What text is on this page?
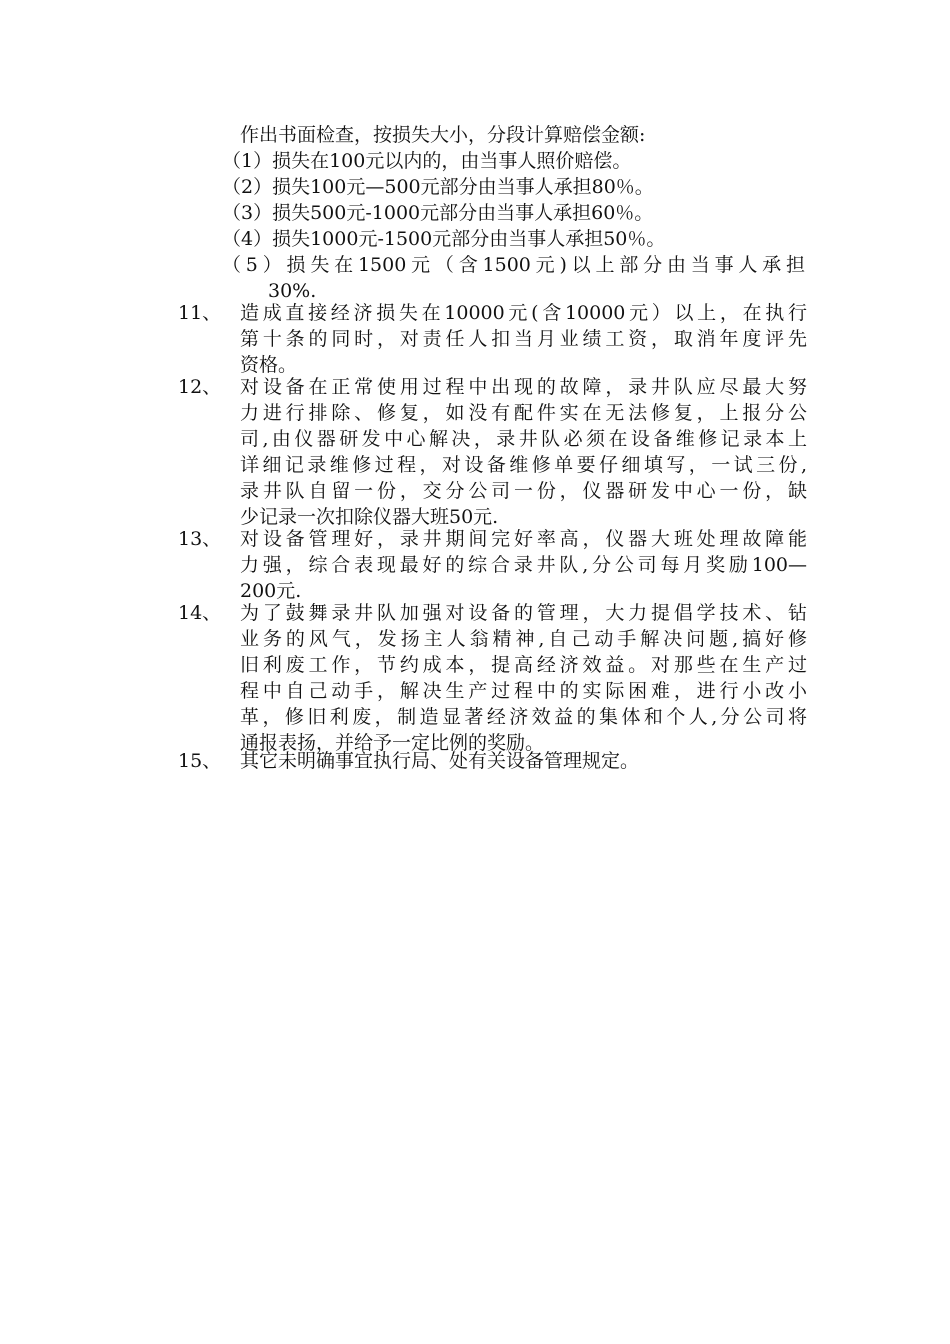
作出书面检查，按损失大小，分段计算赔偿金额:
（1）损失在100元以内的，由当事人照价赔偿。
（2）损失100元—500元部分由当事人承担80％。
（3）损失500元-1000元部分由当事人承担60％。
（4）损失1000元-1500元部分由当事人承担50％。
（5）损失在1500元（含1500元)以上部分由当事人承担
30%.
11、 造成直接经济损失在10000元(含10000元）以上，在执行
第十条的同时，对责任人扣当月业绩工资，取消年度评先
资格。
12、 对设备在正常使用过程中出现的故障，录井队应尽最大努
力进行排除、修复，如没有配件实在无法修复，上报分公
司,由仪器研发中心解决，录井队必须在设备维修记录本上
详细记录维修过程，对设备维修单要仔细填写，一试三份,
录井队自留一份，交分公司一份，仪器研发中心一份，缺
少记录一次扣除仪器大班50元.
13、 对设备管理好，录井期间完好率高，仪器大班处理故障能
力强，综合表现最好的综合录井队,分公司每月奖励100—
200元.
14、 为了鼓舞录井队加强对设备的管理，大力提倡学技术、钻
业务的风气，发扬主人翁精神,自己动手解决问题,搞好修
旧利废工作，节约成本，提高经济效益。对那些在生产过
程中自己动手，解决生产过程中的实际困难，进行小改小
革，修旧利废，制造显著经济效益的集体和个人,分公司将
通报表扬，并给予一定比例的奖励。
15、 其它未明确事宜执行局、处有关设备管理规定。
